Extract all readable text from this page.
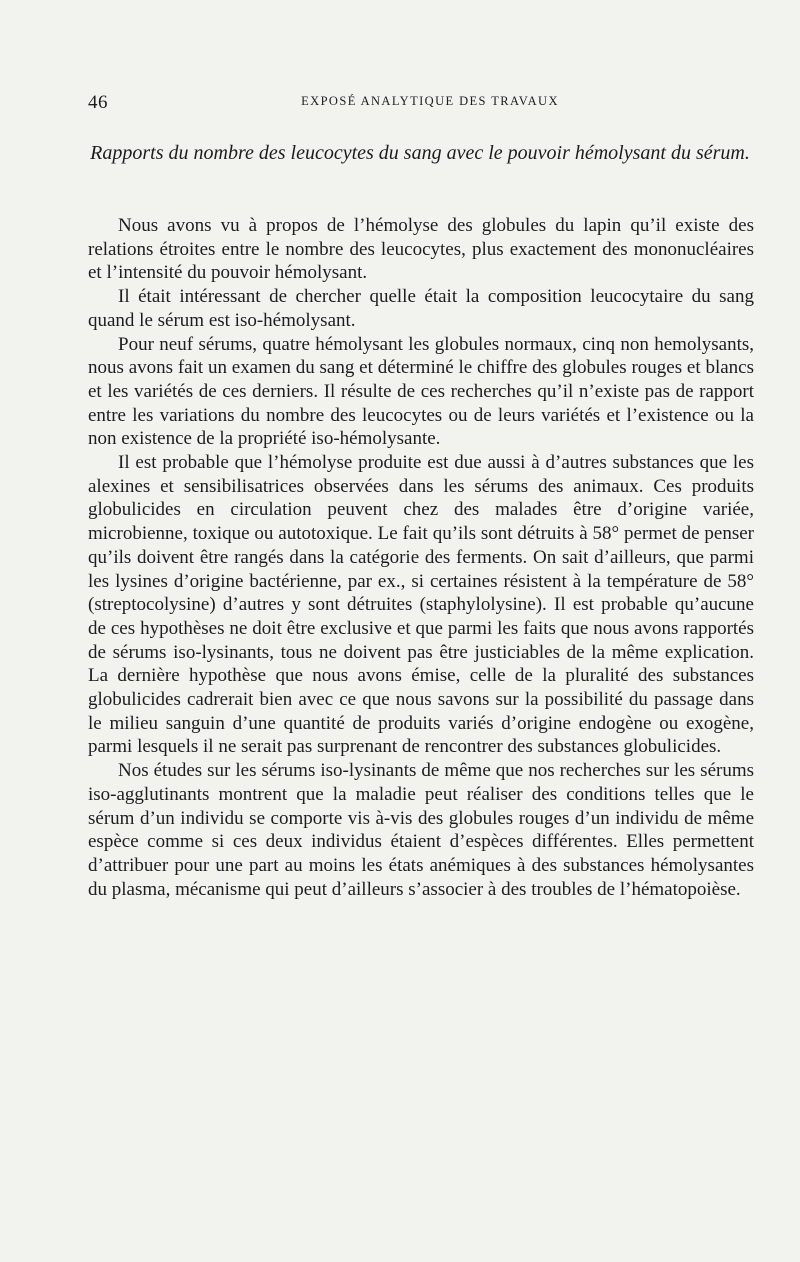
46	EXPOSÉ ANALYTIQUE DES TRAVAUX
Rapports du nombre des leucocytes du sang avec le pouvoir hémolysant du sérum.

Nous avons vu à propos de l’hémolyse des globules du lapin qu’il existe des relations étroites entre le nombre des leucocytes, plus exactement des mononucléaires et l’intensité du pouvoir hémolysant.

Il était intéressant de chercher quelle était la composition leucocytaire du sang quand le sérum est iso-hémolysant.

Pour neuf sérums, quatre hémolysant les globules normaux, cinq non hemolysants, nous avons fait un examen du sang et déterminé le chiffre des globules rouges et blancs et les variétés de ces derniers. Il résulte de ces recherches qu’il n’existe pas de rapport entre les variations du nombre des leucocytes ou de leurs variétés et l’existence ou la non existence de la propriété iso-hémolysante.

Il est probable que l’hémolyse produite est due aussi à d’autres substances que les alexines et sensibilisatrices observées dans les sérums des animaux. Ces produits globulicides en circulation peuvent chez des malades être d’origine variée, microbienne, toxique ou autotoxique. Le fait qu’ils sont détruits à 58° permet de penser qu’ils doivent être rangés dans la catégorie des ferments. On sait d’ailleurs, que parmi les lysines d’origine bactérienne, par ex., si certaines résistent à la température de 58° (streptocolysine) d’autres y sont détruites (staphylolysine). Il est probable qu’aucune de ces hypothèses ne doit être exclusive et que parmi les faits que nous avons rapportés de sérums iso-lysinants, tous ne doivent pas être justiciables de la même explication. La dernière hypothèse que nous avons émise, celle de la pluralité des substances globulicides cadrerait bien avec ce que nous savons sur la possibilité du passage dans le milieu sanguin d’une quantité de produits variés d’origine endogène ou exogène, parmi lesquels il ne serait pas surprenant de rencontrer des substances globulicides.

Nos études sur les sérums iso-lysinants de même que nos recherches sur les sérums iso-agglutinants montrent que la maladie peut réaliser des conditions telles que le sérum d’un individu se comporte vis à-vis des globules rouges d’un individu de même espèce comme si ces deux individus étaient d’espèces différentes. Elles permettent d’attribuer pour une part au moins les états anémiques à des substances hémolysantes du plasma, mécanisme qui peut d’ailleurs s’associer à des troubles de l’hématopoièse.
